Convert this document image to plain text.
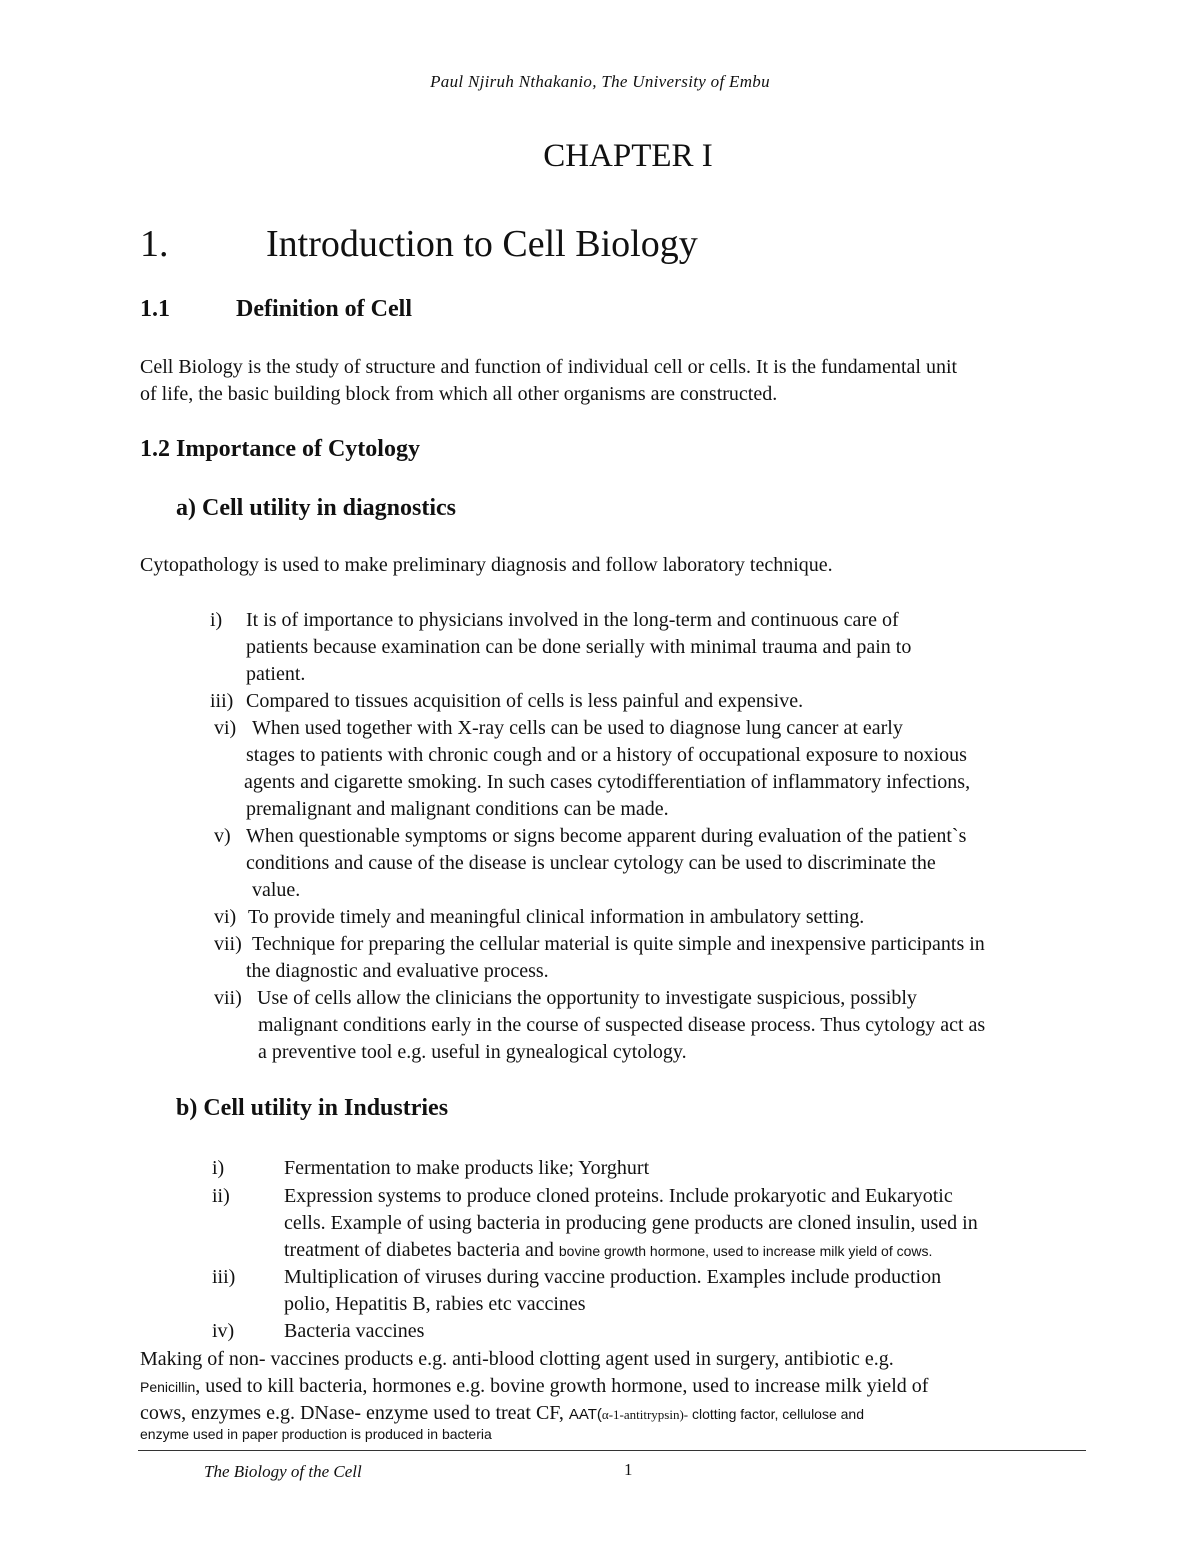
Paul Njiruh Nthakanio, The University of Embu
CHAPTER I
1.	Introduction to Cell Biology
1.1	Definition of Cell
Cell Biology is the study of structure and function of individual cell or cells. It is the fundamental unit
of life, the basic building block from which all other organisms are constructed.
1.2 Importance of Cytology
a) Cell utility in diagnostics
Cytopathology is used to make preliminary diagnosis and follow laboratory technique.
i) It is of importance to physicians involved in the long-term and continuous care of
patients because examination can be done serially with minimal trauma and pain to
patient.
iii) Compared to tissues acquisition of cells is less painful and expensive.
vi) When used together with X-ray cells can be used to diagnose lung cancer at early
stages to patients with chronic cough and or a history of occupational exposure to noxious
agents and cigarette smoking. In such cases cytodifferentiation of inflammatory infections,
premalignant and malignant conditions can be made.
v) When questionable symptoms or signs become apparent during evaluation of the patient`s
conditions and cause of the disease is unclear cytology can be used to discriminate the
value.
vi) To provide timely and meaningful clinical information in ambulatory setting.
vii) Technique for preparing the cellular material is quite simple and inexpensive participants in
the diagnostic and evaluative process.
vii) Use of cells allow the clinicians the opportunity to investigate suspicious, possibly
malignant conditions early in the course of suspected disease process. Thus cytology act as
a preventive tool e.g. useful in gynealogical cytology.
b) Cell utility in Industries
i)	Fermentation to make products like; Yorghurt
ii)	Expression systems to produce cloned proteins. Include prokaryotic and Eukaryotic
cells. Example of using bacteria in producing gene products are cloned insulin, used in
treatment of diabetes bacteria and bovine growth hormone, used to increase milk yield of cows.
iii) Multiplication of viruses during vaccine production. Examples include production
polio, Hepatitis B, rabies etc vaccines
iv) Bacteria vaccines
Making of non- vaccines products e.g. anti-blood clotting agent used in surgery, antibiotic e.g.
Penicillin, used to kill bacteria, hormones e.g. bovine growth hormone, used to increase milk yield of
cows, enzymes e.g. DNase- enzyme used to treat CF, AAT(α-1-antitrypsin)- clotting factor, cellulose and
enzyme used in paper production is produced in bacteria
The Biology of the Cell	1
